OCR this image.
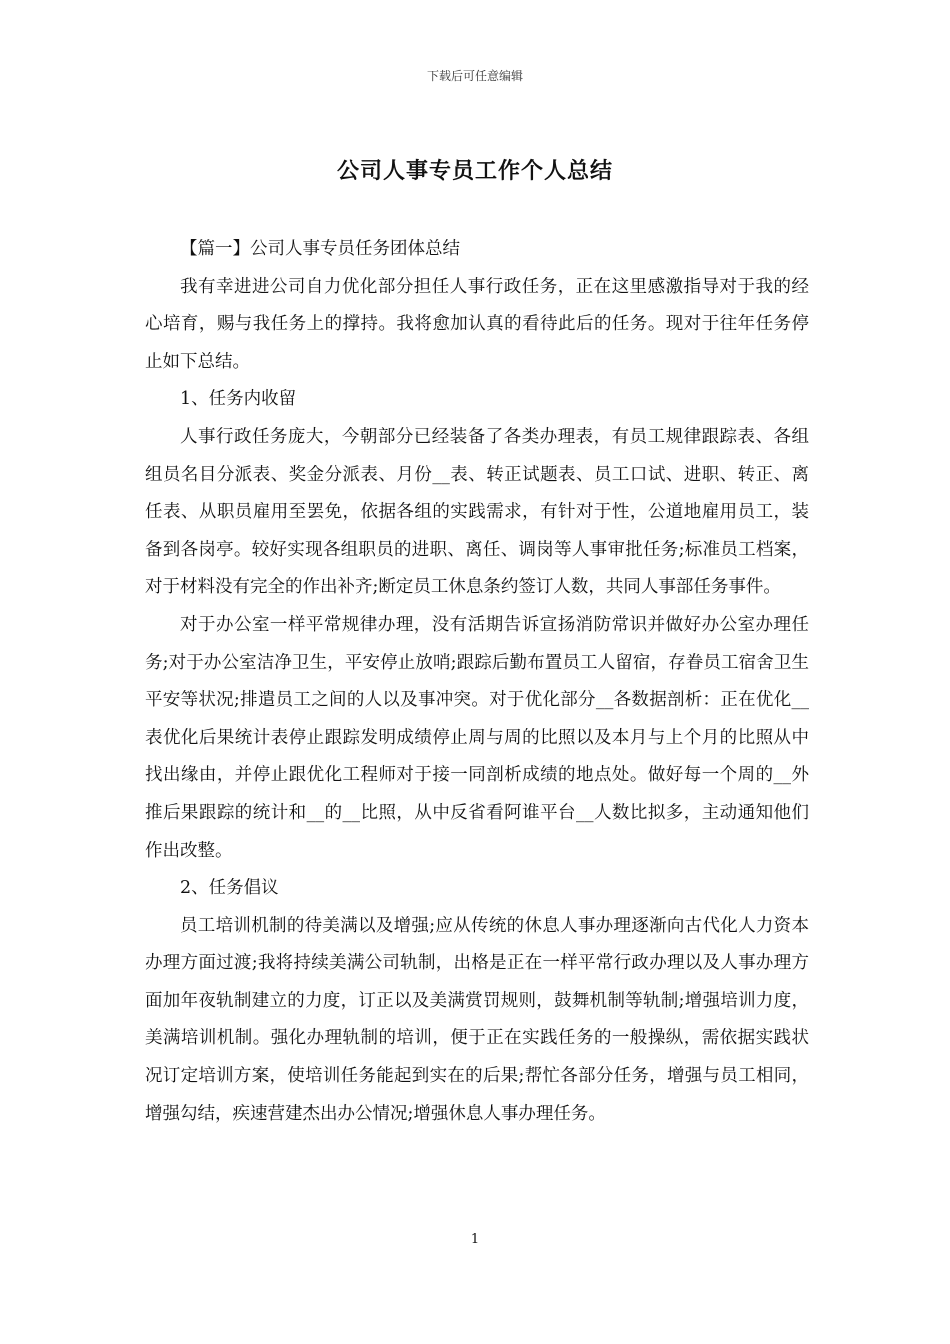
下载后可任意编辑
公司人事专员工作个人总结

【篇一】公司人事专员任务团体总结

我有幸进进公司自力优化部分担任人事行政任务，正在这里感激指导对于我的经心培育，赐与我任务上的撑持。我将愈加认真的看待此后的任务。现对于往年任务停止如下总结。

1、任务内收留

人事行政任务庞大，今朝部分已经装备了各类办理表，有员工规律跟踪表、各组组员名目分派表、奖金分派表、月份__表、转正试题表、员工口试、进职、转正、离任表、从职员雇用至罢免，依据各组的实践需求，有针对于性，公道地雇用员工，装备到各岗亭。较好实现各组职员的进职、离任、调岗等人事审批任务;标准员工档案，对于材料没有完全的作出补齐;断定员工休息条约签订人数，共同人事部任务事件。

对于办公室一样平常规律办理，没有活期告诉宣扬消防常识并做好办公室办理任务;对于办公室洁净卫生，平安停止放哨;跟踪后勤布置员工人留宿，存眷员工宿舍卫生平安等状况;排遣员工之间的人以及事冲突。对于优化部分__各数据剖析：正在优化__表优化后果统计表停止跟踪发明成绩停止周与周的比照以及本月与上个月的比照从中找出缘由，并停止跟优化工程师对于接一同剖析成绩的地点处。做好每一个周的__外推后果跟踪的统计和__的__比照，从中反省看阿谁平台__人数比拟多，主动通知他们作出改整。

2、任务倡议

员工培训机制的待美满以及增强;应从传统的休息人事办理逐渐向古代化人力资本办理方面过渡;我将持续美满公司轨制，出格是正在一样平常行政办理以及人事办理方面加年夜轨制建立的力度，订正以及美满赏罚规则，鼓舞机制等轨制;增强培训力度，美满培训机制。强化办理轨制的培训，便于正在实践任务的一般操纵，需依据实践状况订定培训方案，使培训任务能起到实在的后果;帮忙各部分任务，增强与员工相同，增强勾结，疾速营建杰出办公情况;增强休息人事办理任务。

1
